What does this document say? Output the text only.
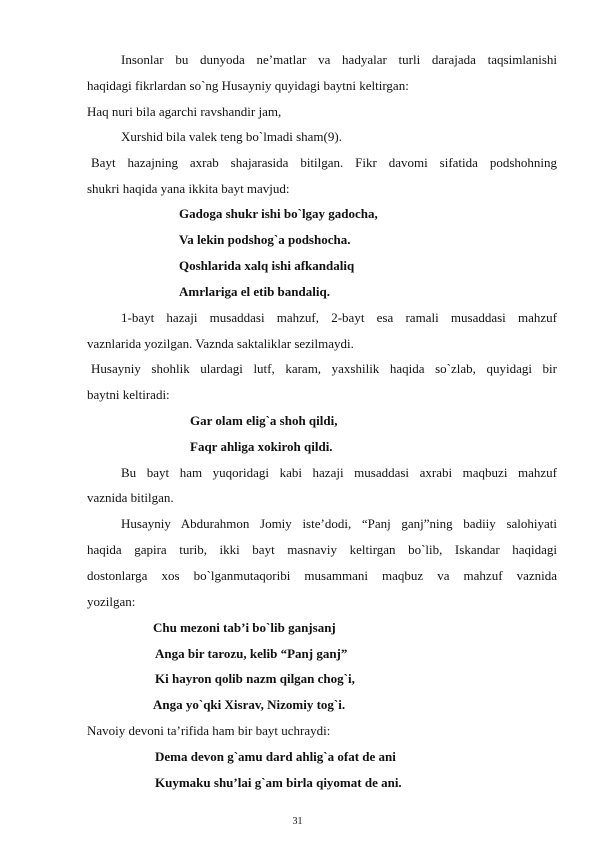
Insonlar bu dunyoda ne’matlar va hadyalar turli darajada taqsimlanishi
haqidagi fikrlardan so`ng Husayniy quyidagi baytni keltirgan:
Haq nuri bila agarchi ravshandir jam,
Xurshid bila valek teng bo`lmadi sham(9).
Bayt hazajning axrab shajarasida bitilgan. Fikr davomi sifatida podshohning
shukri haqida yana ikkita bayt mavjud:
Gadoga shukr ishi bo`lgay gadocha,
Va lekin podshog`a podshocha.
Qoshlarida xalq ishi afkandaliq
Amrlariga el etib bandaliq.
1-bayt hazaji musaddasi mahzuf, 2-bayt esa ramali musaddasi mahzuf
vaznlarida yozilgan. Vaznda saktaliklar sezilmaydi.
Husayniy shohlik ulardagi lutf, karam, yaxshilik haqida so`zlab, quyidagi bir
baytni keltiradi:
Gar olam elig`a shoh qildi,
Faqr ahliga xokiroh qildi.
Bu bayt ham yuqoridagi kabi hazaji musaddasi axrabi maqbuzi mahzuf
vaznida bitilgan.
Husayniy Abdurahmon Jomiy iste’dodi, “Panj ganj”ning badiiy salohiyati
haqida gapira turib, ikki bayt masnaviy keltirgan bo`lib, Iskandar haqidagi
dostonlarga xos bo`lganmutaqoribi musammani maqbuz va mahzuf vaznida
yozilgan:
Chu mezoni tab’i bo`lib ganjsanj
Anga bir tarozu, kelib “Panj ganj”
Ki hayron qolib nazm qilgan chog`i,
Anga yo`qki Xisrav, Nizomiy tog`i.
Navoiy devoni ta’rifida ham bir bayt uchraydi:
Dema devon g`amu dard ahlig`a ofat de ani
Kuymaku shu’lai g`am birla qiyomat de ani.
31
